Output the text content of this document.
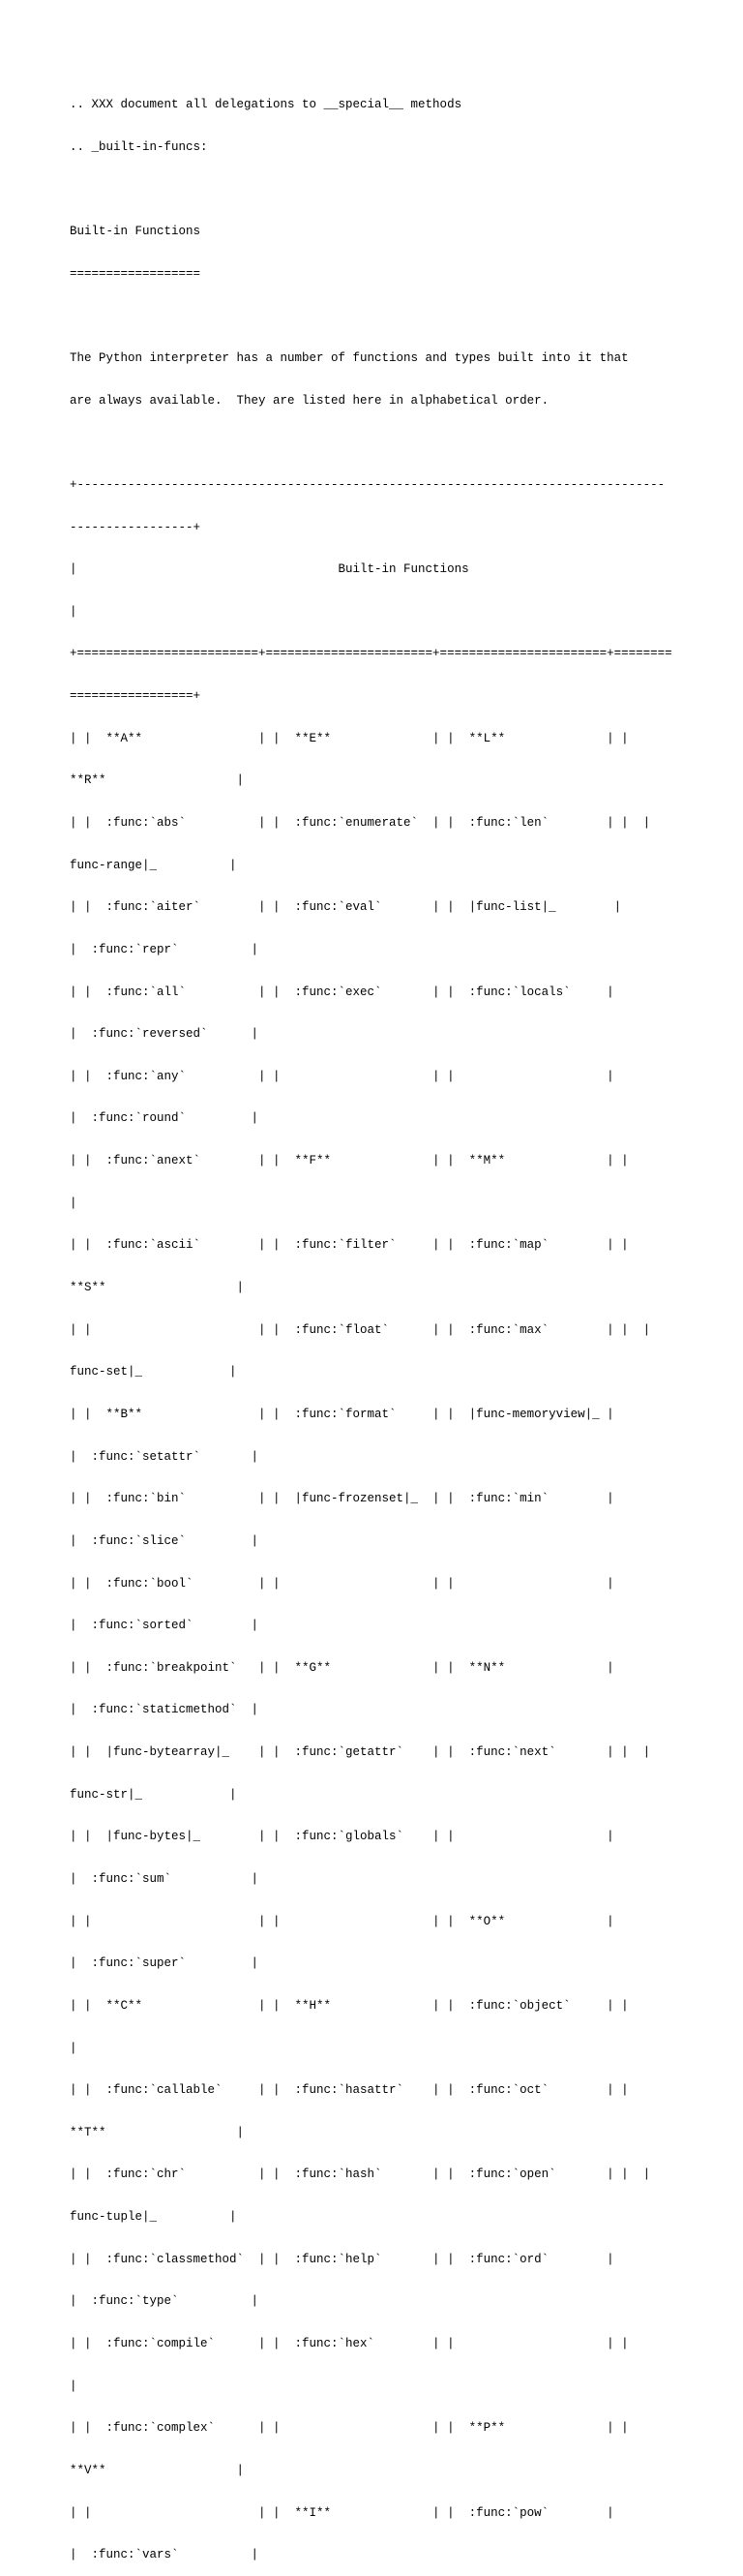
.. XXX document all delegations to __special__ methods

.. _built-in-funcs:

Built-in Functions

==================

The Python interpreter has a number of functions and types built into it that

are always available.  They are listed here in alphabetical order.

+---------------------------------------------------------------------------------

-----------------+

|                                    Built-in Functions

|

+=========================+=======================+=======================+========

=================+

| |  **A**                | |  **E**              | |  **L**              | |

**R**                  |

| |  :func:`abs`          | |  :func:`enumerate`  | |  :func:`len`        | |  |

func-range|_          |

| |  :func:`aiter`        | |  :func:`eval`       | |  |func-list|_        |

|  :func:`repr`          |

| |  :func:`all`          | |  :func:`exec`       | |  :func:`locals`     |

|  :func:`reversed`      |

| |  :func:`any`          | |                     | |                     |

|  :func:`round`         |

| |  :func:`anext`        | |  **F**              | |  **M**              | |

|

| |  :func:`ascii`        | |  :func:`filter`     | |  :func:`map`        | |

**S**                  |

| |                       | |  :func:`float`      | |  :func:`max`        | |  |

func-set|_            |

| |  **B**                | |  :func:`format`     | |  |func-memoryview|_ |

|  :func:`setattr`       |

| |  :func:`bin`          | |  |func-frozenset|_  | |  :func:`min`        |

|  :func:`slice`         |

| |  :func:`bool`         | |                     | |                     |

|  :func:`sorted`        |

| |  :func:`breakpoint`   | |  **G**              | |  **N**              |

|  :func:`staticmethod`  |

| |  |func-bytearray|_    | |  :func:`getattr`    | |  :func:`next`       | |  |

func-str|_            |

| |  |func-bytes|_        | |  :func:`globals`    | |                     |

|  :func:`sum`           |

| |                       | |                     | |  **O**              |

|  :func:`super`         |

| |  **C**                | |  **H**              | |  :func:`object`     | |

|

| |  :func:`callable`     | |  :func:`hasattr`    | |  :func:`oct`        | |

**T**                  |

| |  :func:`chr`          | |  :func:`hash`       | |  :func:`open`       | |  |

func-tuple|_          |

| |  :func:`classmethod`  | |  :func:`help`       | |  :func:`ord`        |

|  :func:`type`          |

| |  :func:`compile`      | |  :func:`hex`        | |                     | |

|

| |  :func:`complex`      | |                     | |  **P**              | |

**V**                  |

| |                       | |  **I**              | |  :func:`pow`        |

|  :func:`vars`          |
